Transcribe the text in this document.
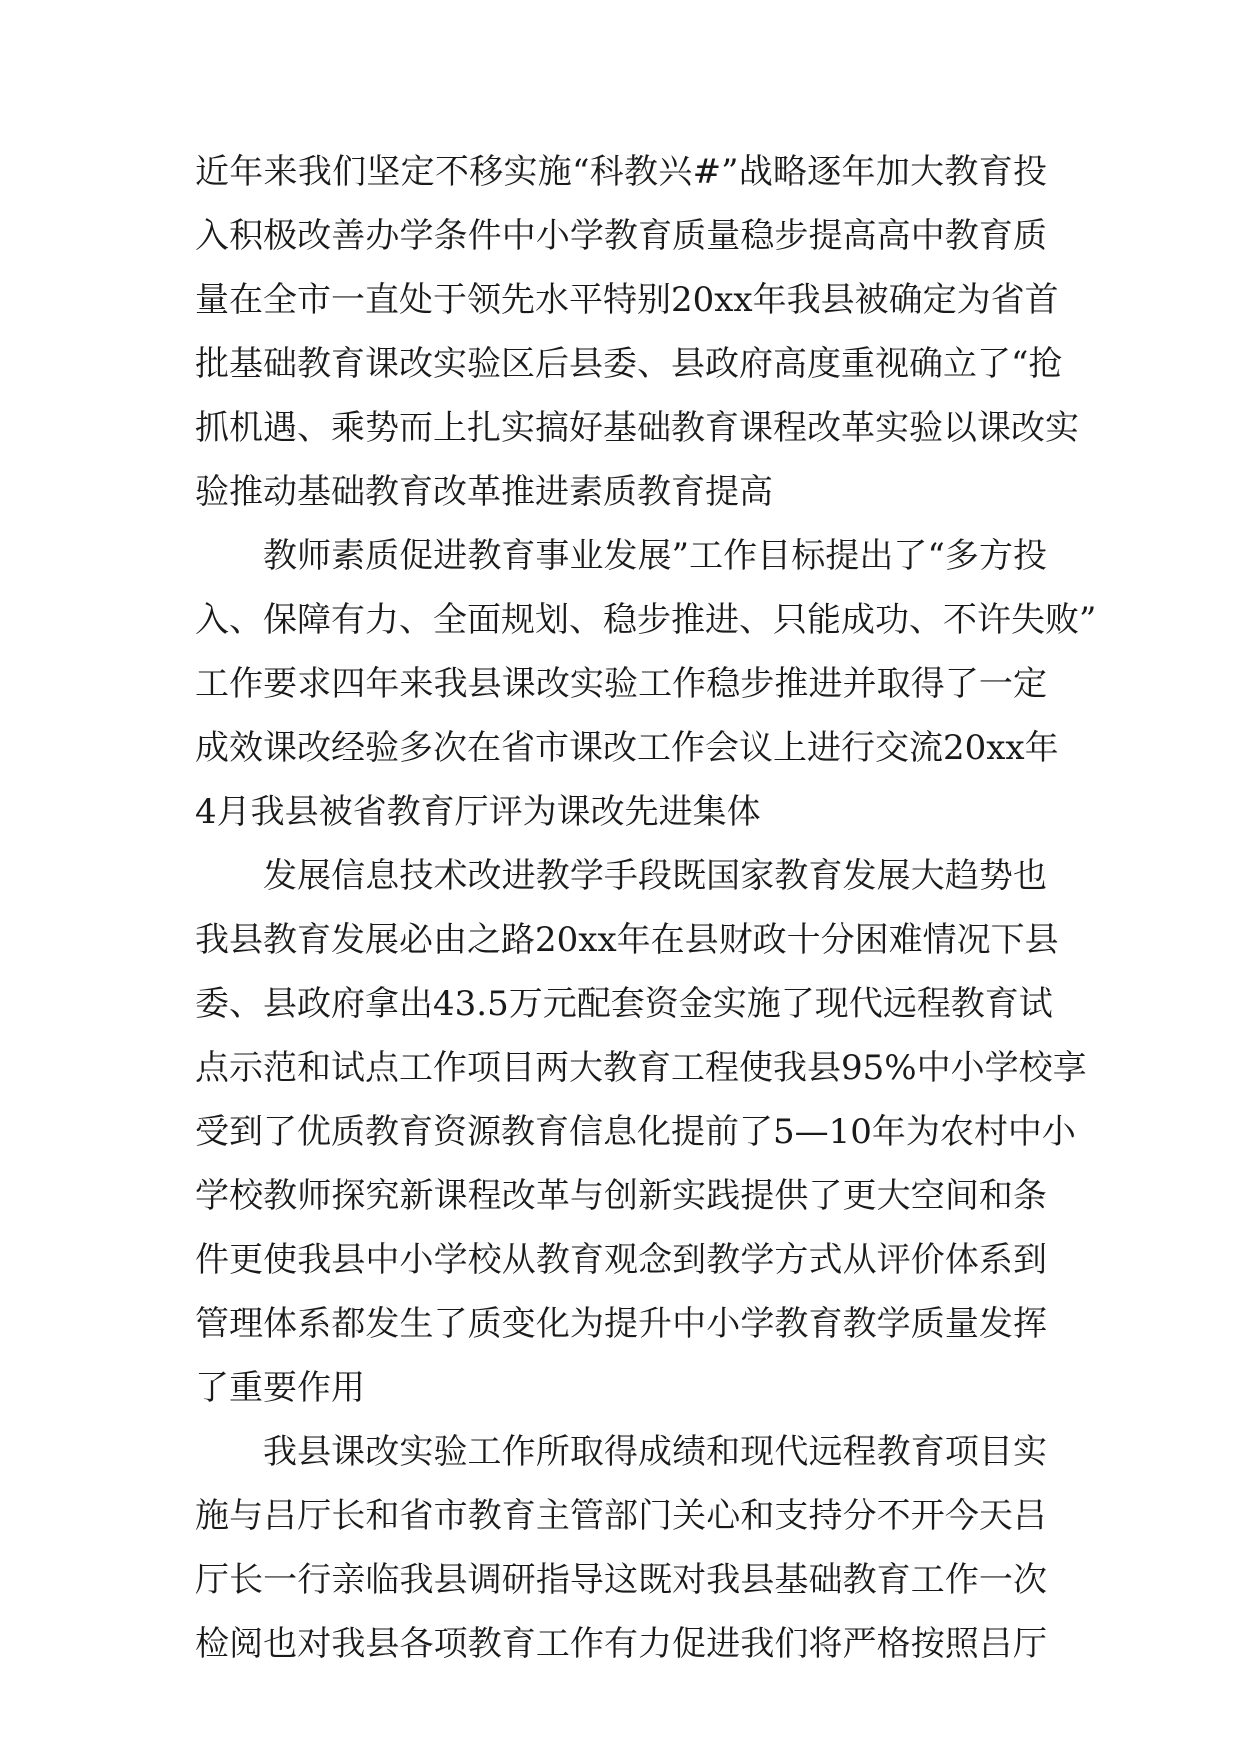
近年来我们坚定不移实施“科教兴#”战略逐年加大教育投
入积极改善办学条件中小学教育质量稳步提高高中教育质
量在全市一直处于领先水平特别20xx年我县被确定为省首
批基础教育课改实验区后县委、县政府高度重视确立了“抢
抓机遇、乘势而上扎实搞好基础教育课程改革实验以课改实
验推动基础教育改革推进素质教育提高
教师素质促进教育事业发展”工作目标提出了“多方投
入、保障有力、全面规划、稳步推进、只能成功、不许失败”
工作要求四年来我县课改实验工作稳步推进并取得了一定
成效课改经验多次在省市课改工作会议上进行交流20xx年
4月我县被省教育厅评为课改先进集体
发展信息技术改进教学手段既国家教育发展大趋势也
我县教育发展必由之路20xx年在县财政十分困难情况下县
委、县政府拿出43.5万元配套资金实施了现代远程教育试
点示范和试点工作项目两大教育工程使我县95%中小学校享
受到了优质教育资源教育信息化提前了5—10年为农村中小
学校教师探究新课程改革与创新实践提供了更大空间和条
件更使我县中小学校从教育观念到教学方式从评价体系到
管理体系都发生了质变化为提升中小学教育教学质量发挥
了重要作用
我县课改实验工作所取得成绩和现代远程教育项目实
施与吕厅长和省市教育主管部门关心和支持分不开今天吕
厅长一行亲临我县调研指导这既对我县基础教育工作一次
检阅也对我县各项教育工作有力促进我们将严格按照吕厅
